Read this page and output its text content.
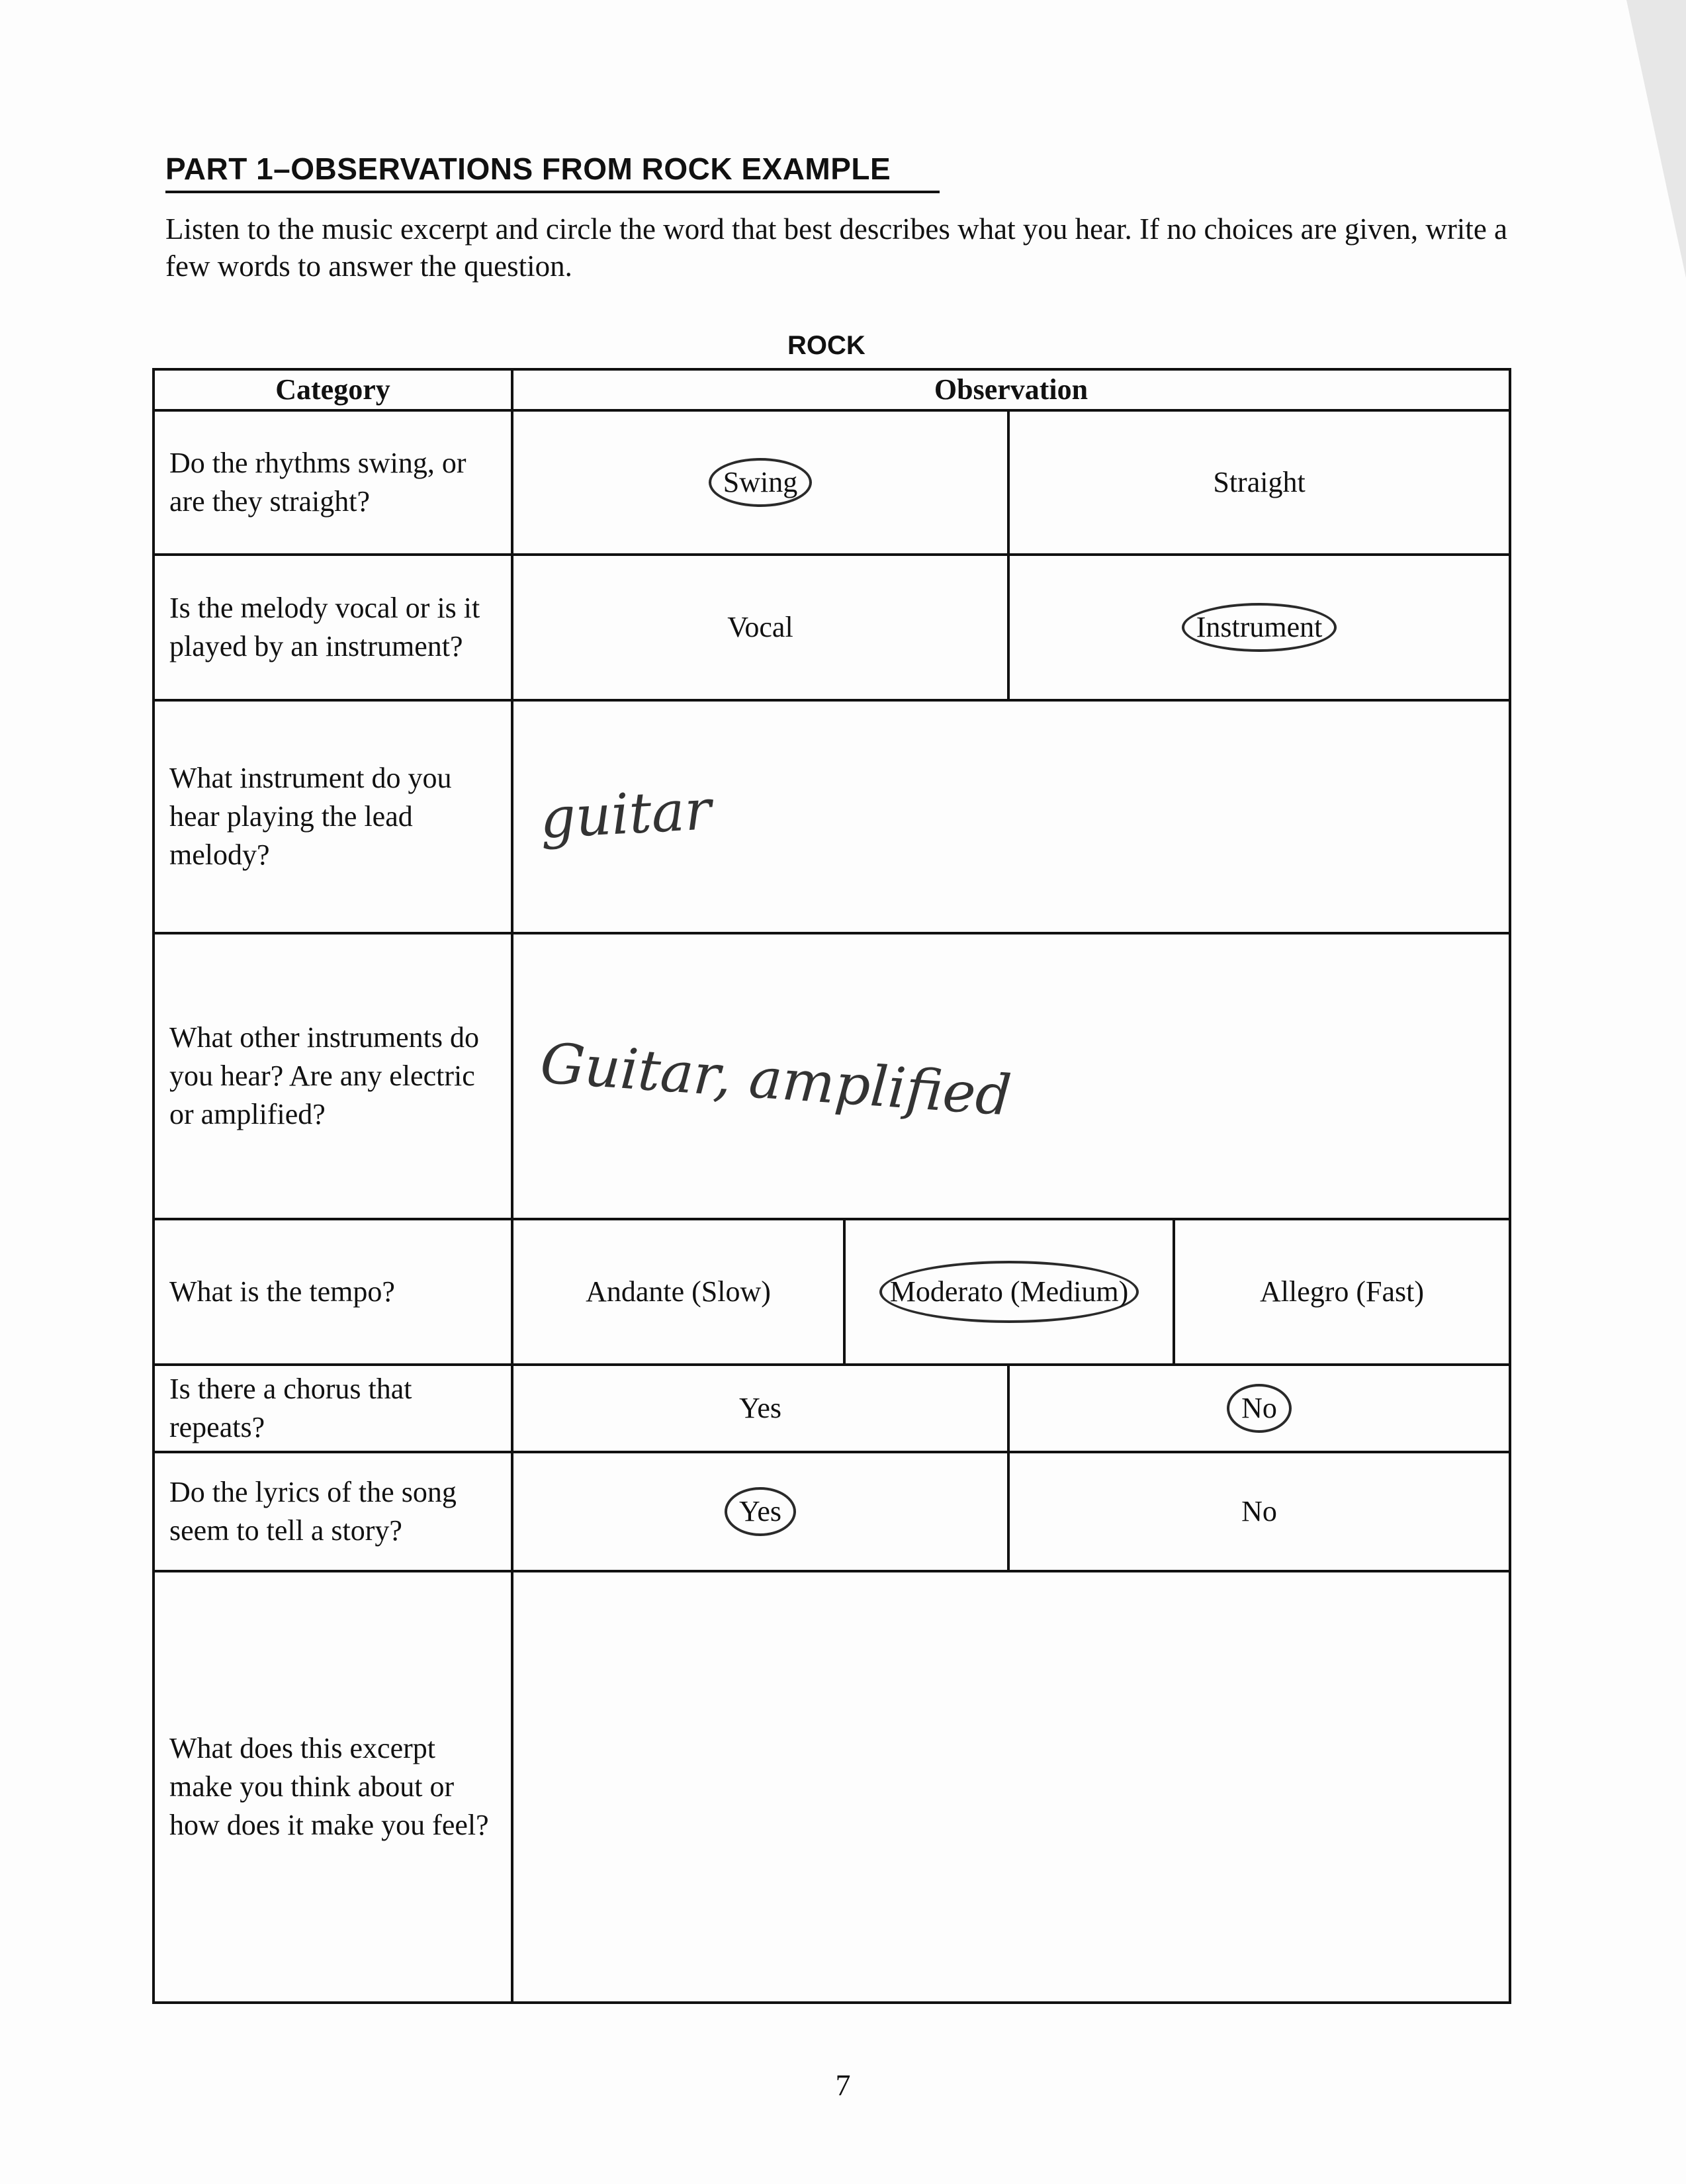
PART 1–OBSERVATIONS FROM ROCK EXAMPLE
Listen to the music excerpt and circle the word that best describes what you hear. If no choices are given, write a few words to answer the question.
ROCK
Category	Observation			
Do the rhythms swing, or are they straight?	Swing		Straight	
Is the melody vocal or is it played by an instrument?	Vocal		Instrument	
What instrument do you hear playing the lead melody?	guitar			
What other instruments do you hear? Are any electric or amplified?	Guitar, amplified			
What is the tempo?	Andante (Slow)	Moderato (Medium)		Allegro (Fast)
Is there a chorus that repeats?	Yes		No	
Do the lyrics of the song seem to tell a story?	Yes		No	
What does this excerpt make you think about or how does it make you feel?				
7
